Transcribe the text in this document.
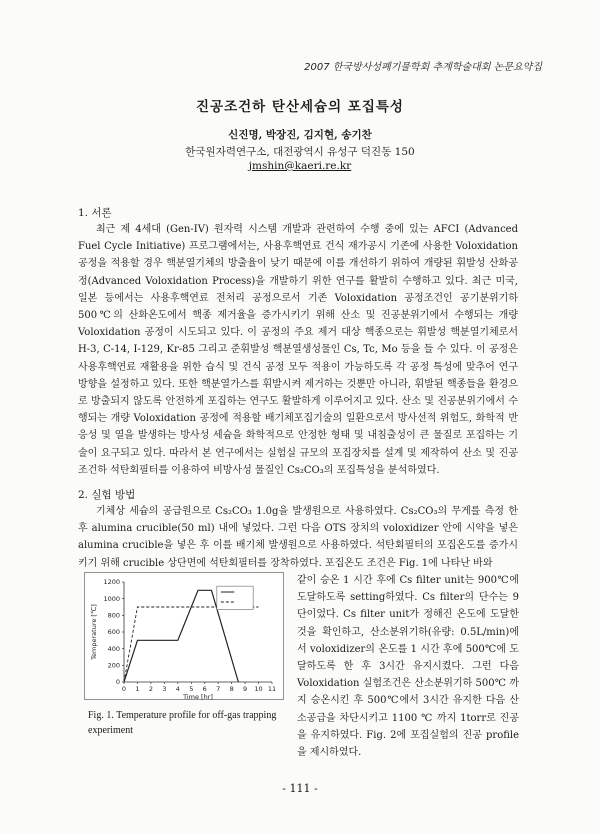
2007 한국방사성폐기물학회 추계학술대회 논문요약집
진공조건하 탄산세슘의 포집특성
신진명, 박장진, 김지현, 송기찬
한국원자력연구소, 대전광역시 유성구 덕진동 150
jmshin@kaeri.re.kr
1. 서론

최근 제 4세대 (Gen-IV) 원자력 시스템 개발과 관련하여 수행 중에 있는 AFCI (Advanced Fuel Cycle Initiative) 프로그램에서는, 사용후핵연료 건식 재가공시 기존에 사용한 Voloxidation 공정을 적용할 경우 핵분열기체의 방출율이 낮기 때문에 이를 개선하기 위하여 개량된 휘발성 산화공정(Advanced Voloxidation Process)을 개발하기 위한 연구를 활발히 수행하고 있다. 최근 미국, 일본 등에서는 사용후핵연료 전처리 공정으로서 기존 Voloxidation 공정조건인 공기분위기하 500℃의 산화온도에서 핵종 제거율을 증가시키기 위해 산소 및 진공분위기에서 수행되는 개량 Voloxidation 공정이 시도되고 있다. 이 공정의 주요 제거 대상 핵종으로는 휘발성 핵분열기체로서 H-3, C-14, I-129, Kr-85 그리고 준휘발성 핵분열생성물인 Cs, Tc, Mo 등을 들 수 있다. 이 공정은 사용후핵연료 재활용을 위한 습식 및 건식 공정 모두 적용이 가능하도록 각 공정 특성에 맞추어 연구 방향을 설정하고 있다. 또한 핵분열가스를 휘발시켜 제거하는 것뿐만 아니라, 휘발된 핵종들을 환경으로 방출되지 않도록 안전하게 포집하는 연구도 활발하게 이루어지고 있다. 산소 및 진공분위기에서 수행되는 개량 Voloxidation 공정에 적용할 배기체포집기술의 일환으로서 방사선적 위험도, 화학적 반응성 및 열을 발생하는 방사성 세슘을 화학적으로 안정한 형태 및 내침출성이 큰 물질로 포집하는 기술이 요구되고 있다. 따라서 본 연구에서는 실험실 규모의 포집장치를 설계 및 제작하여 산소 및 진공조건하 석탄회필터를 이용하여 비방사성 물질인 Cs₂CO₃의 포집특성을 분석하였다.

2. 실험 방법

기체상 세슘의 공급원으로 Cs₂CO₃ 1.0g을 발생원으로 사용하였다. Cs₂CO₃의 무게를 측정 한 후 alumina crucible(50 ml) 내에 넣었다. 그런 다음 OTS 장치의 voloxidizer 안에 시약을 넣은 alumina crucible을 넣은 후 이를 배기체 발생원으로 사용하였다. 석탄회필터의 포집온도를 증가시키기 위해 crucible 상단면에 석탄회필터를 장착하였다. 포집온도 조건은 Fig. 1에 나타난 바와

같이 승온 1 시간 후에 Cs filter unit는 900℃에 도달하도록 setting하였다. Cs filter의 단수는 9 단이었다. Cs filter unit가 정해진 온도에 도달한 것을 확인하고, 산소분위기하(유량: 0.5L/min)에서 voloxidizer의 온도를 1 시간 후에 500℃에 도달하도록 한 후 3시간 유지시켰다. 그런 다음 Voloxidation 실험조건은 산소분위기하 500℃ 까지 승온시킨 후 500℃에서 3시간 유지한 다음 산소공급을 차단시키고 1100 ℃ 까지 1torr로 진공을 유지하였다. Fig. 2에 포집실험의 진공 profile을 제시하였다.

0
200
400
600
800
1000
1200
0 1 2 3 4 5 6 7 8 9 10 11
Time [hr]
Temperature [℃]
Fig. 1. Temperature profile for off-gas trapping experiment
- 111 -
